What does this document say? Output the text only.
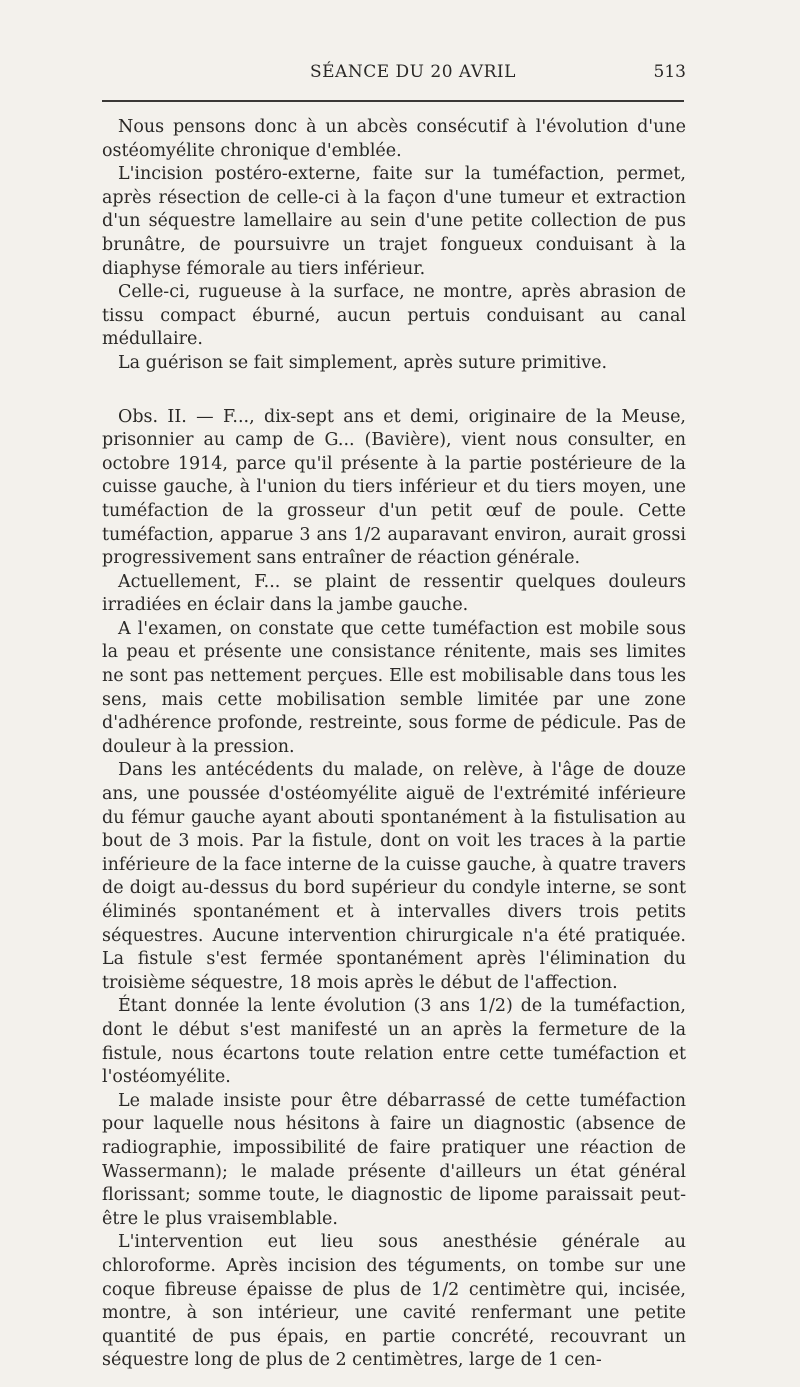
SÉANCE DU 20 AVRIL	513

Nous pensons donc à un abcès consécutif à l'évolution d'une ostéomyélite chronique d'emblée.

L'incision postéro-externe, faite sur la tuméfaction, permet, après résection de celle-ci à la façon d'une tumeur et extraction d'un séquestre lamellaire au sein d'une petite collection de pus brunâtre, de poursuivre un trajet fongueux conduisant à la diaphyse fémorale au tiers inférieur.

Celle-ci, rugueuse à la surface, ne montre, après abrasion de tissu compact éburné, aucun pertuis conduisant au canal médullaire.

La guérison se fait simplement, après suture primitive.

Obs. II. — F..., dix-sept ans et demi, originaire de la Meuse, prisonnier au camp de G... (Bavière), vient nous consulter, en octobre 1914, parce qu'il présente à la partie postérieure de la cuisse gauche, à l'union du tiers inférieur et du tiers moyen, une tuméfaction de la grosseur d'un petit œuf de poule. Cette tuméfaction, apparue 3 ans 1/2 auparavant environ, aurait grossi progressivement sans entraîner de réaction générale.

Actuellement, F... se plaint de ressentir quelques douleurs irradiées en éclair dans la jambe gauche.

A l'examen, on constate que cette tuméfaction est mobile sous la peau et présente une consistance rénitente, mais ses limites ne sont pas nettement perçues. Elle est mobilisable dans tous les sens, mais cette mobilisation semble limitée par une zone d'adhérence profonde, restreinte, sous forme de pédicule. Pas de douleur à la pression.

Dans les antécédents du malade, on relève, à l'âge de douze ans, une poussée d'ostéomyélite aiguë de l'extrémité inférieure du fémur gauche ayant abouti spontanément à la fistulisation au bout de 3 mois. Par la fistule, dont on voit les traces à la partie inférieure de la face interne de la cuisse gauche, à quatre travers de doigt au-dessus du bord supérieur du condyle interne, se sont éliminés spontanément et à intervalles divers trois petits séquestres. Aucune intervention chirurgicale n'a été pratiquée. La fistule s'est fermée spontanément après l'élimination du troisième séquestre, 18 mois après le début de l'affection.

Étant donnée la lente évolution (3 ans 1/2) de la tuméfaction, dont le début s'est manifesté un an après la fermeture de la fistule, nous écartons toute relation entre cette tuméfaction et l'ostéomyélite.

Le malade insiste pour être débarrassé de cette tuméfaction pour laquelle nous hésitons à faire un diagnostic (absence de radiographie, impossibilité de faire pratiquer une réaction de Wassermann); le malade présente d'ailleurs un état général florissant; somme toute, le diagnostic de lipome paraissait peut-être le plus vraisemblable.

L'intervention eut lieu sous anesthésie générale au chloroforme. Après incision des téguments, on tombe sur une coque fibreuse épaisse de plus de 1/2 centimètre qui, incisée, montre, à son intérieur, une cavité renfermant une petite quantité de pus épais, en partie concrété, recouvrant un séquestre long de plus de 2 centimètres, large de 1 cen-
